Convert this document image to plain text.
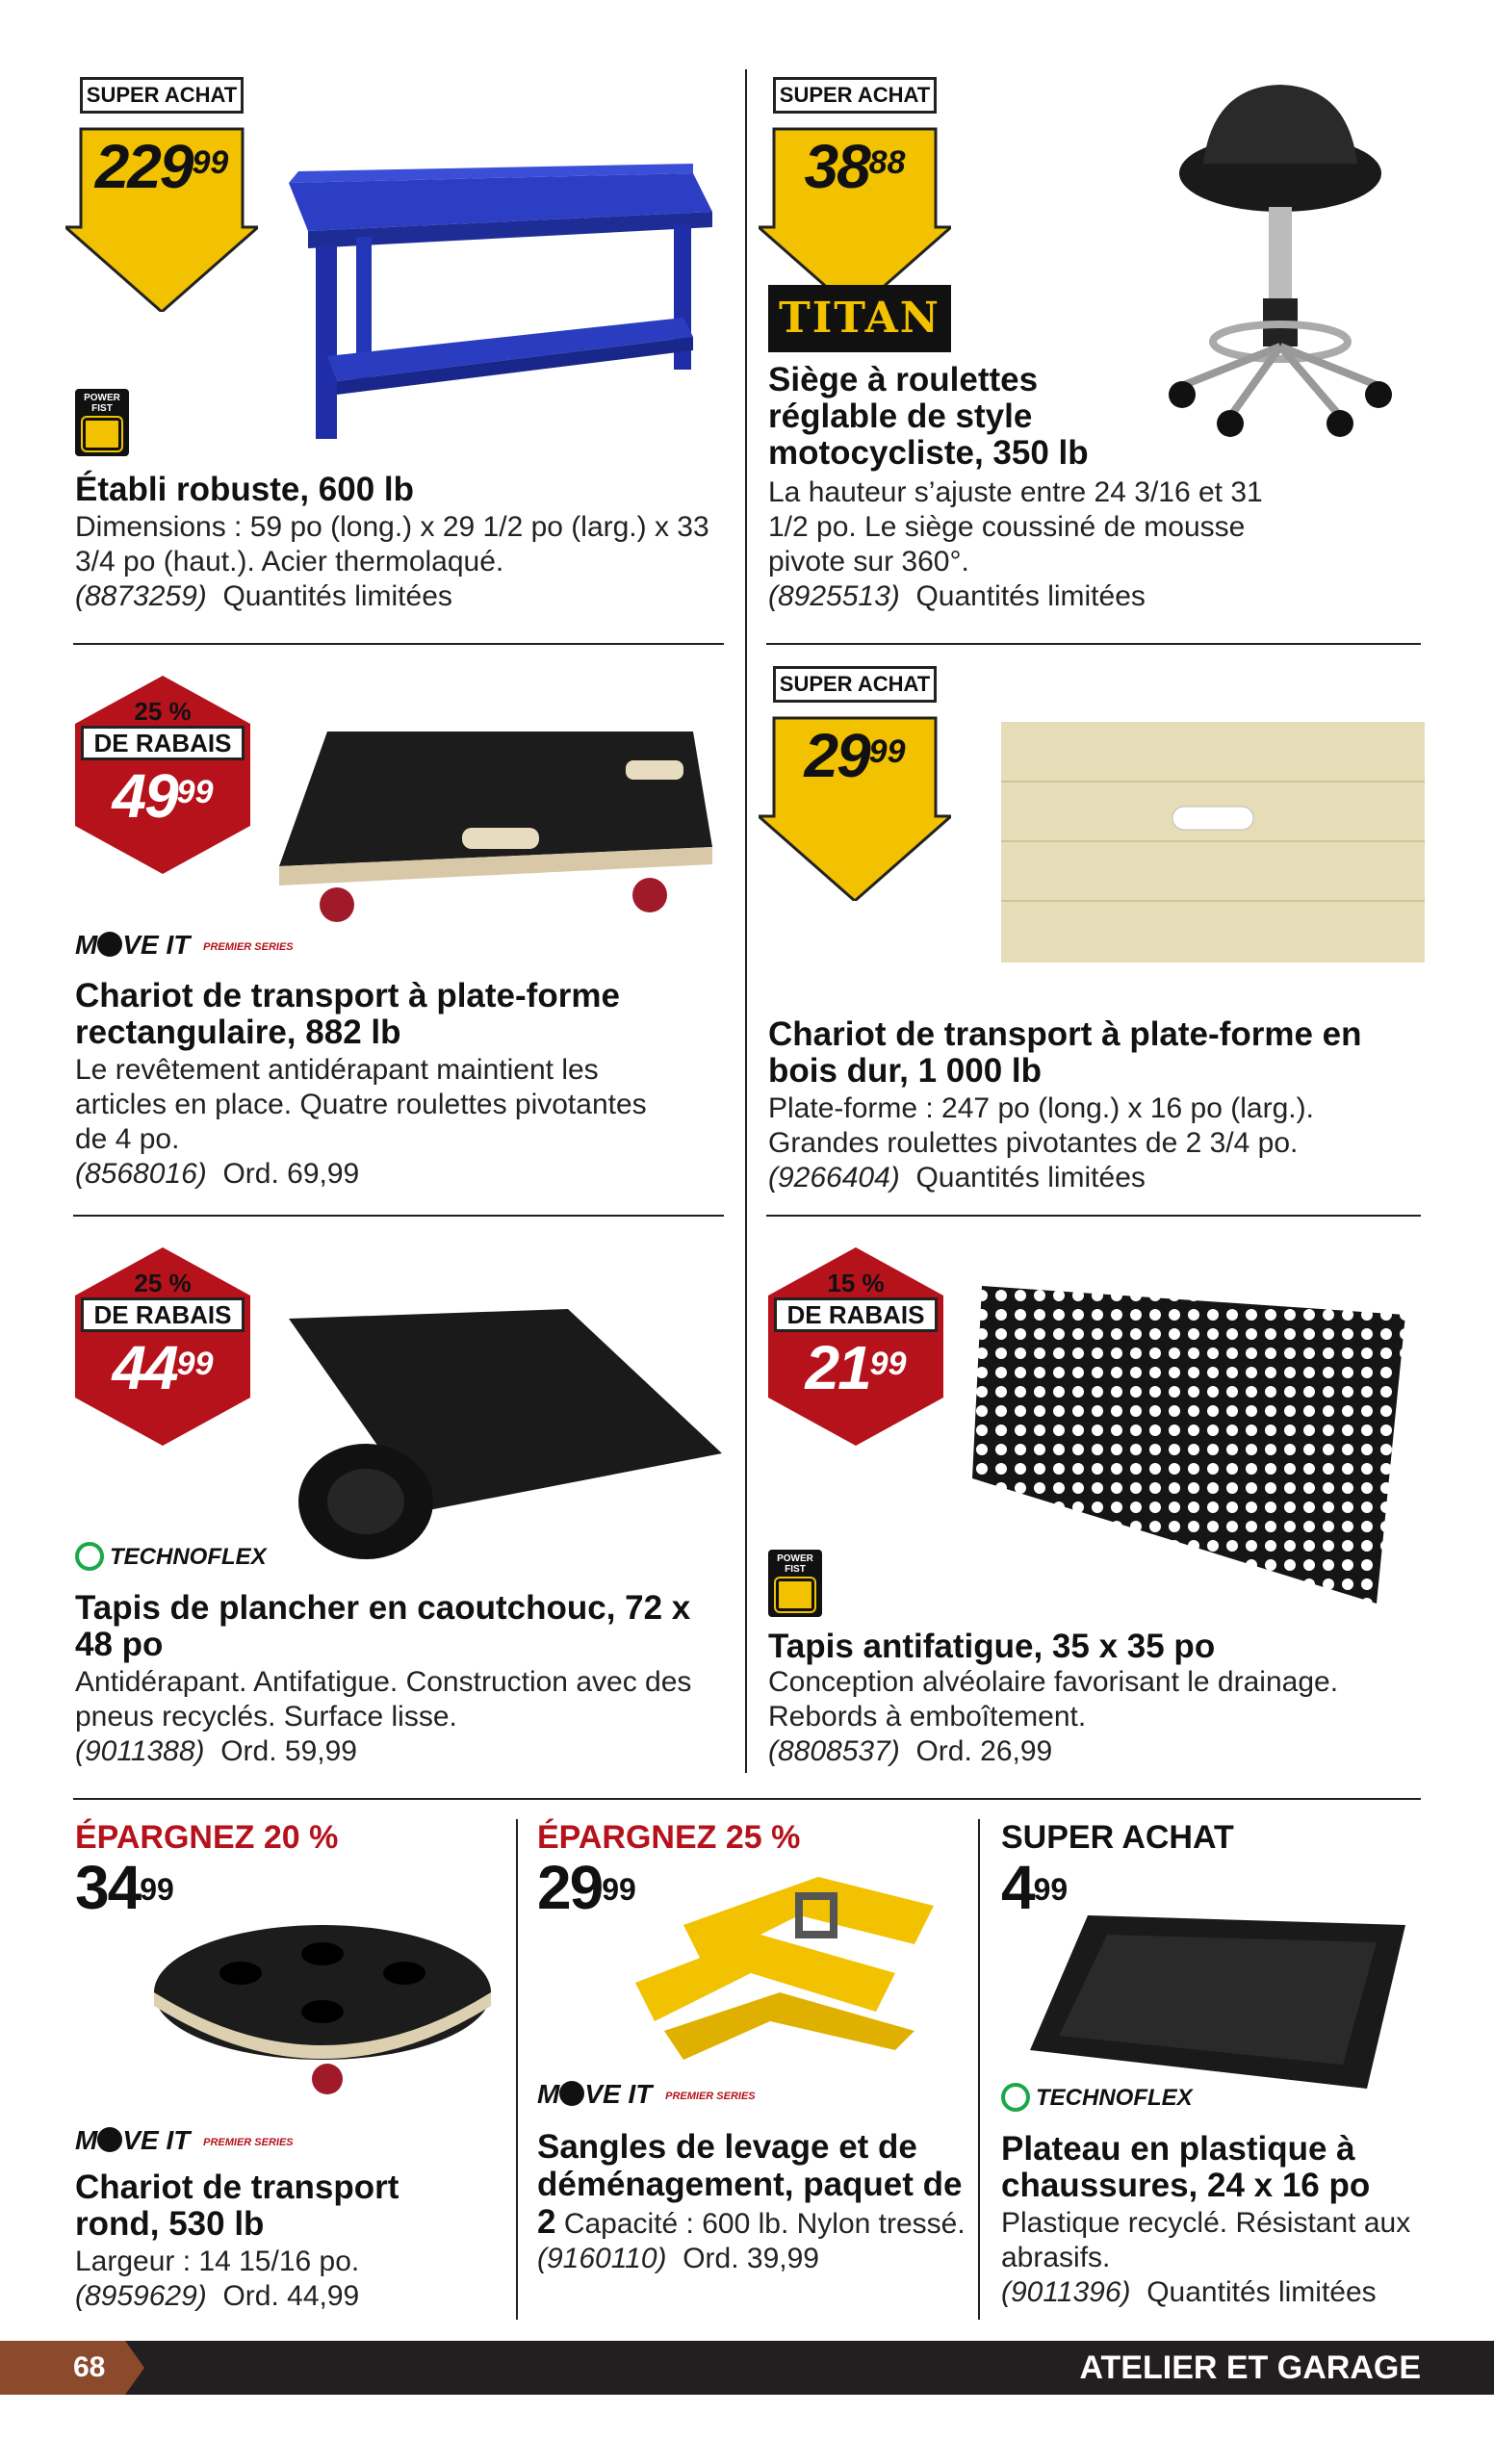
SUPER ACHAT
$229^{99}$
POWER FIST
Établi robuste, 600 lb
Dimensions : 59 po (long.) x 29 1/2 po (larg.) x 33 3/4 po (haut.). Acier thermolaqué.
(8873259) Quantités limitées
SUPER ACHAT
$38^{88}$
TITAN
Siège à roulettes réglable de style motocycliste, 350 lb
La hauteur s’ajuste entre 24 3/16 et 31 1/2 po. Le siège coussiné de mousse pivote sur 360°.
(8925513) Quantités limitées
25 %
DE RABAIS
$49^{99}$
M VE IT PREMIER SERIES
Chariot de transport à plate-forme rectangulaire, 882 lb
Le revêtement antidérapant maintient les articles en place. Quatre roulettes pivotantes de 4 po.
(8568016) Ord. 69,99
SUPER ACHAT
$29^{99}$
Chariot de transport à plate-forme en bois dur, 1 000 lb
Plate-forme : 247 po (long.) x 16 po (larg.). Grandes roulettes pivotantes de 2 3/4 po.
(9266404) Quantités limitées
25 %
DE RABAIS
$44^{99}$
TECHNOFLEX
Tapis de plancher en caoutchouc, 72 x 48 po
Antidérapant. Antifatigue. Construction avec des pneus recyclés. Surface lisse.
(9011388) Ord. 59,99
15 %
DE RABAIS
$21^{99}$
POWER FIST
Tapis antifatigue, 35 x 35 po
Conception alvéolaire favorisant le drainage. Rebords à emboîtement.
(8808537) Ord. 26,99
ÉPARGNEZ 20 %
$34^{99}$
M VE IT PREMIER SERIES
Chariot de transport rond, 530 lb
Largeur : 14 15/16 po.
(8959629) Ord. 44,99
ÉPARGNEZ 25 %
$29^{99}$
M VE IT PREMIER SERIES
Sangles de levage et de déménagement, paquet de 2 Capacité : 600 lb. Nylon tressé.
(9160110) Ord. 39,99
SUPER ACHAT
$4^{99}$
TECHNOFLEX
Plateau en plastique à chaussures, 24 x 16 po
Plastique recyclé. Résistant aux abrasifs.
(9011396) Quantités limitées
68	ATELIER ET GARAGE
